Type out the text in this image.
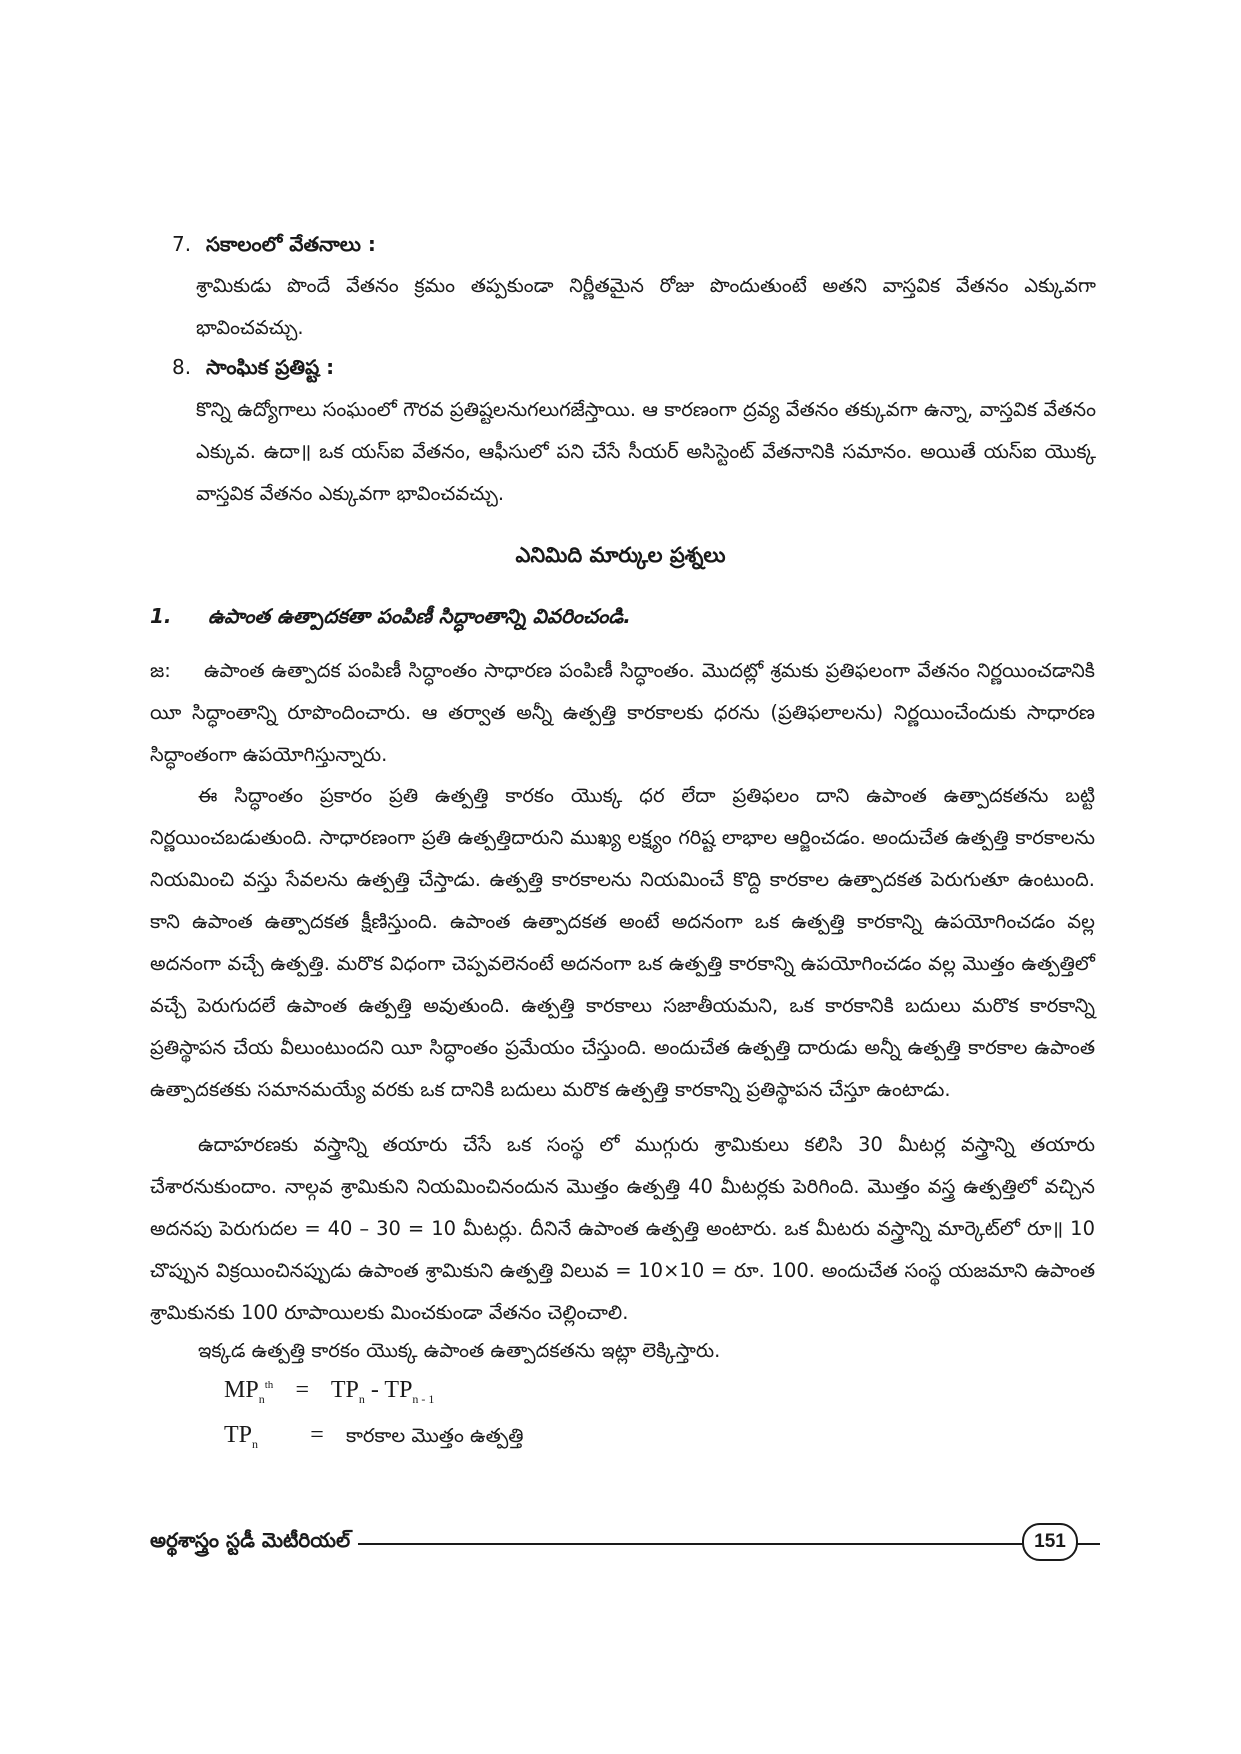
7. సకాలంలో వేతనాలు :
శ్రామికుడు పొందే వేతనం క్రమం తప్పకుండా నిర్ణీతమైన రోజు పొందుతుంటే అతని వాస్తవిక వేతనం ఎక్కువగా భావించవచ్చు.
8. సాంఘిక ప్రతిష్ట :
కొన్ని ఉద్యోగాలు సంఘంలో గౌరవ ప్రతిష్టలనుగలుగజేస్తాయి. ఆ కారణంగా ద్రవ్య వేతనం తక్కువగా ఉన్నా, వాస్తవిక వేతనం ఎక్కువ. ఉదా॥ ఒక యస్ఐ వేతనం, ఆఫీసులో పని చేసే సీయర్ అసిస్టెంట్ వేతనానికి సమానం. అయితే యస్ఐ యొక్క వాస్తవిక వేతనం ఎక్కువగా భావించవచ్చు.
ఎనిమిది మార్కుల ప్రశ్నలు
1. ఉపాంత ఉత్పాదకతా పంపిణీ సిద్ధాంతాన్ని వివరించండి.
జ: ఉపాంత ఉత్పాదక పంపిణీ సిద్ధాంతం సాధారణ పంపిణీ సిద్ధాంతం. మొదట్లో శ్రమకు ప్రతిఫలంగా వేతనం నిర్ణయించడానికి యీ సిద్ధాంతాన్ని రూపొందించారు. ఆ తర్వాత అన్నీ ఉత్పత్తి కారకాలకు ధరను (ప్రతిఫలాలను) నిర్ణయించేందుకు సాధారణ సిద్ధాంతంగా ఉపయోగిస్తున్నారు.
ఈ సిద్ధాంతం ప్రకారం ప్రతి ఉత్పత్తి కారకం యొక్క ధర లేదా ప్రతిఫలం దాని ఉపాంత ఉత్పాదకతను బట్టి నిర్ణయించబడుతుంది. సాధారణంగా ప్రతి ఉత్పత్తిదారుని ముఖ్య లక్ష్యం గరిష్ట లాభాల ఆర్జించడం. అందుచేత ఉత్పత్తి కారకాలను నియమించి వస్తు సేవలను ఉత్పత్తి చేస్తాడు. ఉత్పత్తి కారకాలను నియమించే కొద్ది కారకాల ఉత్పాదకత పెరుగుతూ ఉంటుంది. కాని ఉపాంత ఉత్పాదకత క్షీణిస్తుంది. ఉపాంత ఉత్పాదకత అంటే అదనంగా ఒక ఉత్పత్తి కారకాన్ని ఉపయోగించడం వల్ల అదనంగా వచ్చే ఉత్పత్తి. మరొక విధంగా చెప్పవలెనంటే అదనంగా ఒక ఉత్పత్తి కారకాన్ని ఉపయోగించడం వల్ల మొత్తం ఉత్పత్తిలో వచ్చే పెరుగుదలే ఉపాంత ఉత్పత్తి అవుతుంది. ఉత్పత్తి కారకాలు సజాతీయమని, ఒక కారకానికి బదులు మరొక కారకాన్ని ప్రతిస్థాపన చేయ వీలుంటుందని యీ సిద్ధాంతం ప్రమేయం చేస్తుంది. అందుచేత ఉత్పత్తి దారుడు అన్నీ ఉత్పత్తి కారకాల ఉపాంత ఉత్పాదకతకు సమానమయ్యే వరకు ఒక దానికి బదులు మరొక ఉత్పత్తి కారకాన్ని ప్రతిస్థాపన చేస్తూ ఉంటాడు.
ఉదాహరణకు వస్త్రాన్ని తయారు చేసే ఒక సంస్థ లో ముగ్గురు శ్రామికులు కలిసి 30 మీటర్ల వస్త్రాన్ని తయారు చేశారనుకుందాం. నాల్గవ శ్రామికుని నియమించినందున మొత్తం ఉత్పత్తి 40 మీటర్లకు పెరిగింది. మొత్తం వస్త్ర ఉత్పత్తిలో వచ్చిన అదనపు పెరుగుదల = 40 – 30 = 10 మీటర్లు. దీనినే ఉపాంత ఉత్పత్తి అంటారు. ఒక మీటరు వస్త్రాన్ని మార్కెట్‌లో రూ॥ 10 చొప్పున విక్రయించినప్పుడు ఉపాంత శ్రామికుని ఉత్పత్తి విలువ = 10×10 = రూ. 100. అందుచేత సంస్థ యజమాని ఉపాంత శ్రామికునకు 100 రూపాయిలకు మించకుండా వేతనం చెల్లించాలి.
ఇక్కడ ఉత్పత్తి కారకం యొక్క ఉపాంత ఉత్పాదకతను ఇట్లా లెక్కిస్తారు.
$MP_n^{th} = TP_n - TP_{n - 1}$
$TP_n$ = కారకాల మొత్తం ఉత్పత్తి
అర్థశాస్త్రం స్టడీ మెటీరియల్	151
